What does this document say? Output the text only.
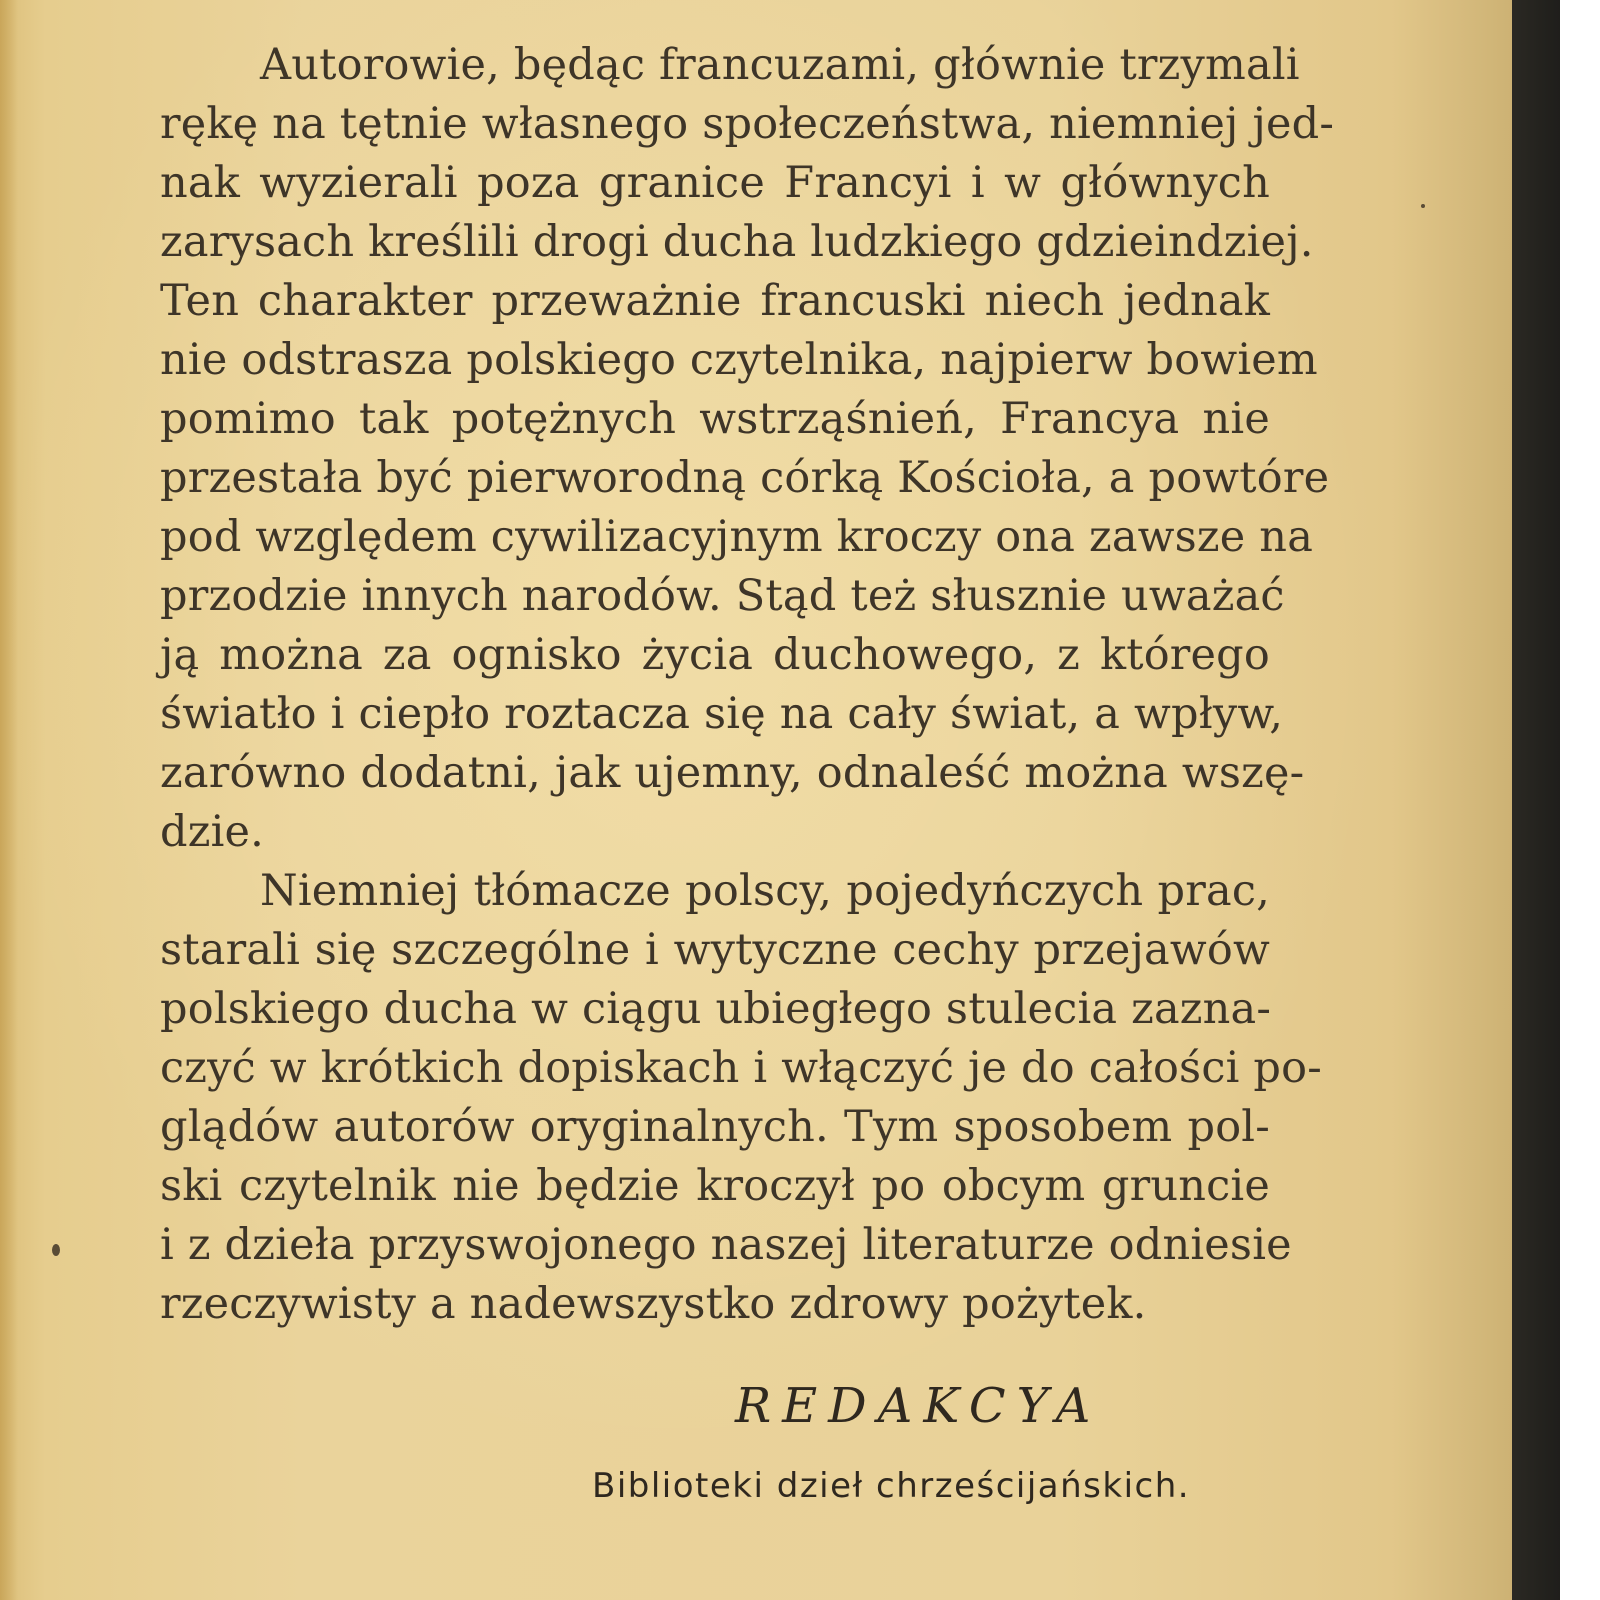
Autorowie, będąc francuzami, głównie trzymali
rękę na tętnie własnego społeczeństwa, niemniej jed-
nak wyzierali poza granice Francyi i w głównych
zarysach kreślili drogi ducha ludzkiego gdzieindziej.
Ten charakter przeważnie francuski niech jednak
nie odstrasza polskiego czytelnika, najpierw bowiem
pomimo tak potężnych wstrząśnień, Francya nie
przestała być pierworodną córką Kościoła, a powtóre
pod względem cywilizacyjnym kroczy ona zawsze na
przodzie innych narodów. Stąd też słusznie uważać
ją można za ognisko życia duchowego, z którego
światło i ciepło roztacza się na cały świat, a wpływ,
zarówno dodatni, jak ujemny, odnaleść można wszę-
dzie.
Niemniej tłómacze polscy, pojedyńczych prac,
starali się szczególne i wytyczne cechy przejawów
polskiego ducha w ciągu ubiegłego stulecia zazna-
czyć w krótkich dopiskach i włączyć je do całości po-
glądów autorów oryginalnych. Tym sposobem pol-
ski czytelnik nie będzie kroczył po obcym gruncie
i z dzieła przyswojonego naszej literaturze odniesie
rzeczywisty a nadewszystko zdrowy pożytek.
REDAKCYA
Biblioteki dzieł chrześcijańskich.
